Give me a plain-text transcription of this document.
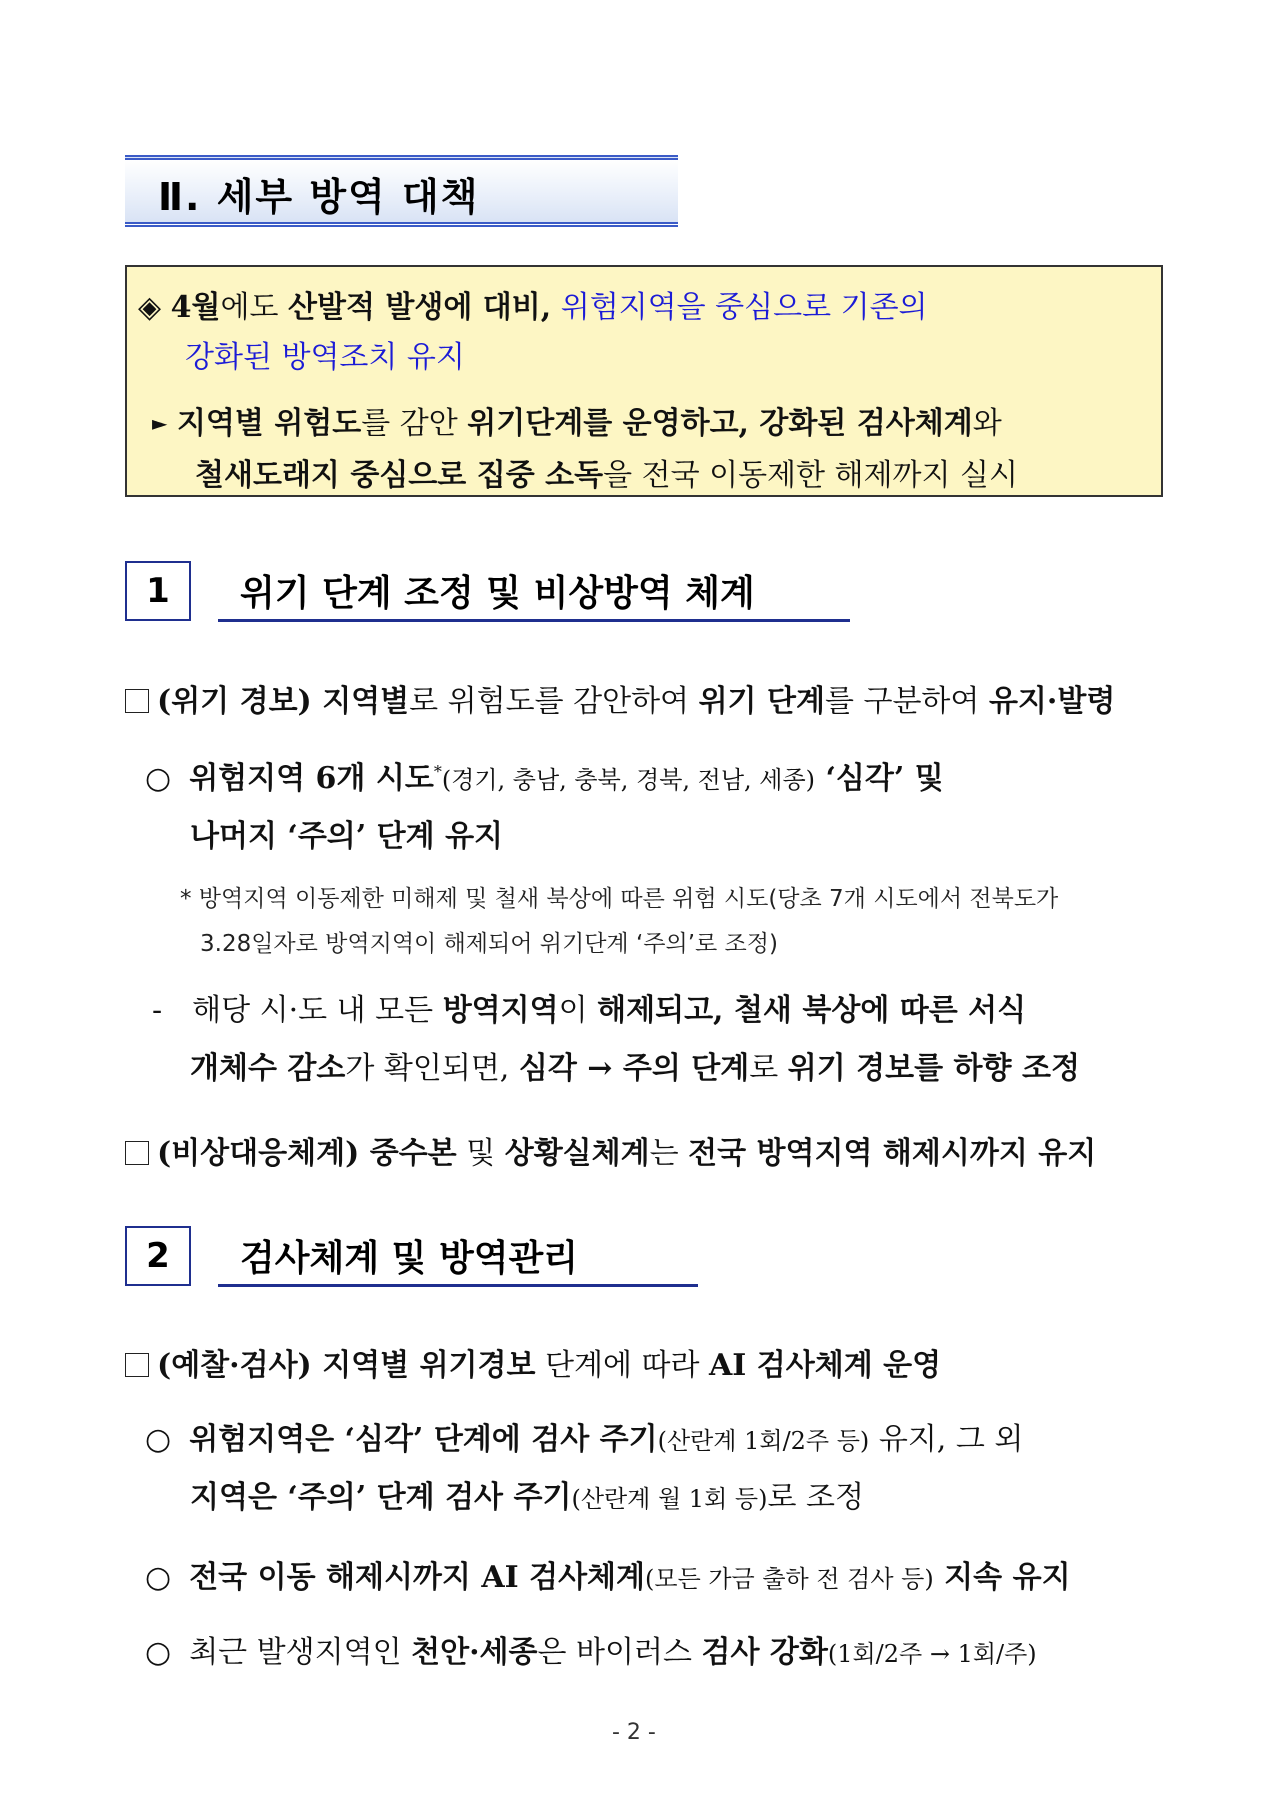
Ⅱ. 세부 방역 대책
◈ 4월에도 산발적 발생에 대비, 위험지역을 중심으로 기존의
강화된 방역조치 유지
► 지역별 위험도를 감안 위기단계를 운영하고, 강화된 검사체계와
철새도래지 중심으로 집중 소독을 전국 이동제한 해제까지 실시
1	위기 단계 조정 및 비상방역 체계
(위기 경보) 지역별로 위험도를 감안하여 위기 단계를 구분하여 유지·발령
○ 위험지역 6개 시도*(경기, 충남, 충북, 경북, 전남, 세종) ‘심각’ 및
나머지 ‘주의’ 단계 유지
* 방역지역 이동제한 미해제 및 철새 북상에 따른 위험 시도(당초 7개 시도에서 전북도가
3.28일자로 방역지역이 해제되어 위기단계 ‘주의’로 조정)
- 해당 시·도 내 모든 방역지역이 해제되고, 철새 북상에 따른 서식
개체수 감소가 확인되면, 심각 → 주의 단계로 위기 경보를 하향 조정
(비상대응체계) 중수본 및 상황실체계는 전국 방역지역 해제시까지 유지
2	검사체계 및 방역관리
(예찰·검사) 지역별 위기경보 단계에 따라 AI 검사체계 운영
○ 위험지역은 ‘심각’ 단계에 검사 주기(산란계 1회/2주 등) 유지, 그 외
지역은 ‘주의’ 단계 검사 주기(산란계 월 1회 등)로 조정
○ 전국 이동 해제시까지 AI 검사체계(모든 가금 출하 전 검사 등) 지속 유지
○ 최근 발생지역인 천안·세종은 바이러스 검사 강화(1회/2주 → 1회/주)
- 2 -
